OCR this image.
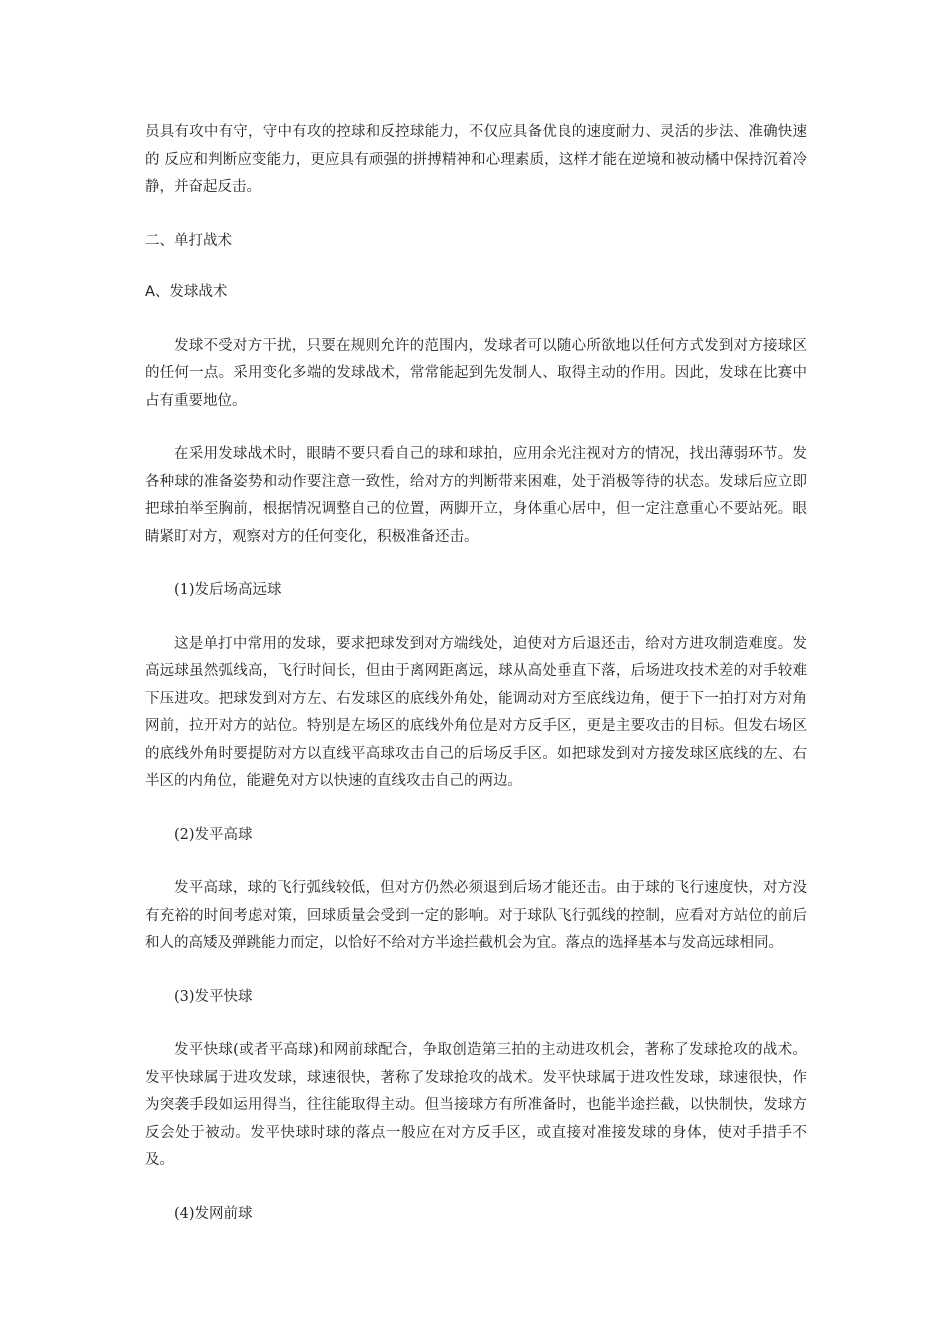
员具有攻中有守，守中有攻的控球和反控球能力，不仅应具备优良的速度耐力、灵活的步法、准确快速的 反应和判断应变能力，更应具有顽强的拼搏精神和心理素质，这样才能在逆境和被动橘中保持沉着冷静，并奋起反击。

二、单打战术

A、发球战术

发球不受对方干扰，只要在规则允许的范围内，发球者可以随心所欲地以任何方式发到对方接球区的任何一点。采用变化多端的发球战术，常常能起到先发制人、取得主动的作用。因此，发球在比赛中占有重要地位。

在采用发球战术时，眼睛不要只看自己的球和球拍，应用余光注视对方的情况，找出薄弱环节。发各种球的准备姿势和动作要注意一致性，给对方的判断带来困难，处于消极等待的状态。发球后应立即把球拍举至胸前，根据情况调整自己的位置，两脚开立，身体重心居中，但一定注意重心不要站死。眼睛紧盯对方，观察对方的任何变化，积极准备还击。

(1)发后场高远球

这是单打中常用的发球，要求把球发到对方端线处，迫使对方后退还击，给对方进攻制造难度。发高远球虽然弧线高，飞行时间长，但由于离网距离远，球从高处垂直下落，后场进攻技术差的对手较难下压进攻。把球发到对方左、右发球区的底线外角处，能调动对方至底线边角，便于下一拍打对方对角网前，拉开对方的站位。特别是左场区的底线外角位是对方反手区，更是主要攻击的目标。但发右场区的底线外角时要提防对方以直线平高球攻击自己的后场反手区。如把球发到对方接发球区底线的左、右半区的内角位，能避免对方以快速的直线攻击自己的两边。

(2)发平高球

发平高球，球的飞行弧线较低，但对方仍然必须退到后场才能还击。由于球的飞行速度快，对方没有充裕的时间考虑对策，回球质量会受到一定的影响。对于球队飞行弧线的控制，应看对方站位的前后和人的高矮及弹跳能力而定，以恰好不给对方半途拦截机会为宜。落点的选择基本与发高远球相同。

(3)发平快球

发平快球(或者平高球)和网前球配合，争取创造第三拍的主动进攻机会，著称了发球抢攻的战术。发平快球属于进攻发球，球速很快，著称了发球抢攻的战术。发平快球属于进攻性发球，球速很快，作为突袭手段如运用得当，往往能取得主动。但当接球方有所准备时，也能半途拦截，以快制快，发球方反会处于被动。发平快球时球的落点一般应在对方反手区，或直接对准接发球的身体，使对手措手不及。

(4)发网前球
